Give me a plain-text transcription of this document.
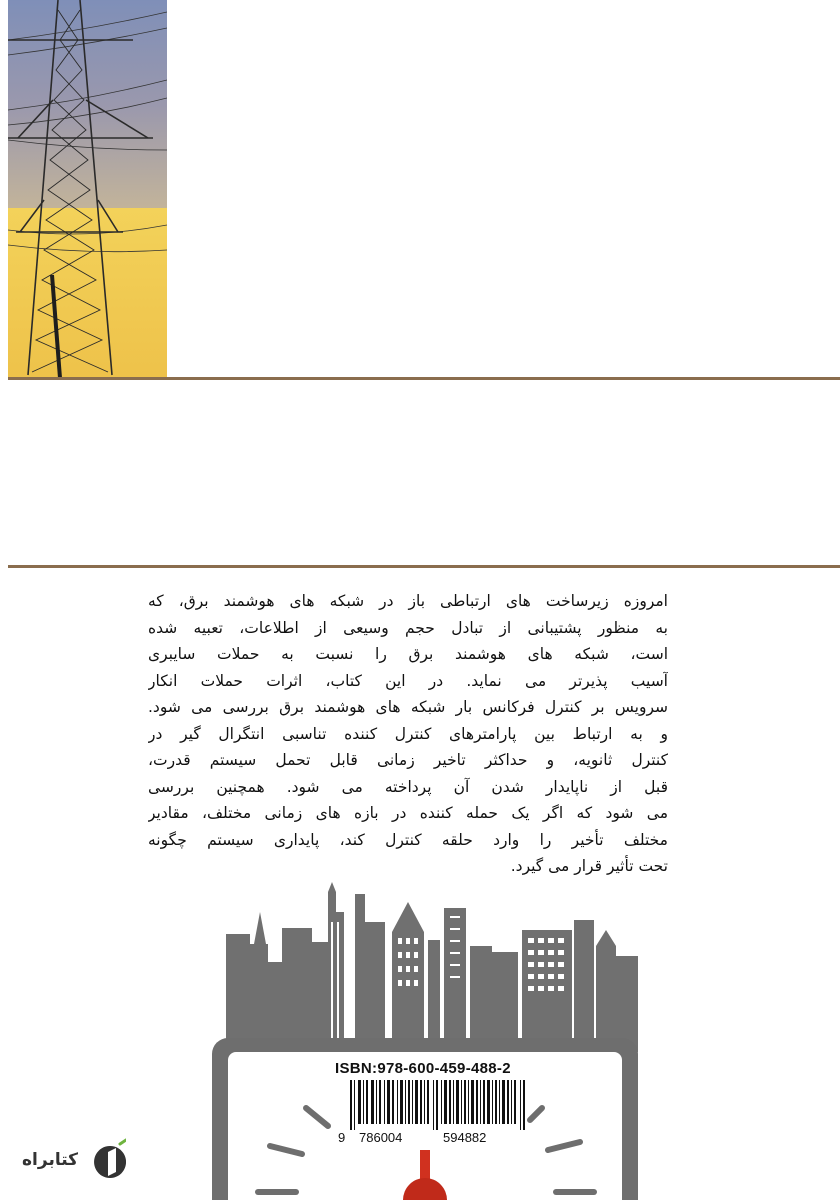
امروزه زیرساخت های ارتباطی باز در شبکه های هوشمند برق، که
به منظور پشتیبانی از تبادل حجم وسیعی از اطلاعات، تعبیه شده
است، شبکه های هوشمند برق را نسبت به حملات سایبری
آسیب پذیرتر می نماید. در این کتاب، اثرات حملات انکار
سرویس بر کنترل فرکانس بار شبکه های هوشمند برق بررسی می شود.
و به ارتباط بین پارامترهای کنترل کننده تناسبی انتگرال گیر در
کنترل ثانویه، و حداکثر تاخیر زمانی قابل تحمل سیستم قدرت،
قبل از ناپایدار شدن آن پرداخته می شود. همچنین بررسی
می شود که اگر یک حمله کننده در بازه های زمانی مختلف، مقادیر
مختلف تأخیر را وارد حلقه کنترل کند، پایداری سیستم چگونه
تحت تأثیر قرار می گیرد.
ISBN:978-600-459-488-2
9 786004	594882
کتابراه
